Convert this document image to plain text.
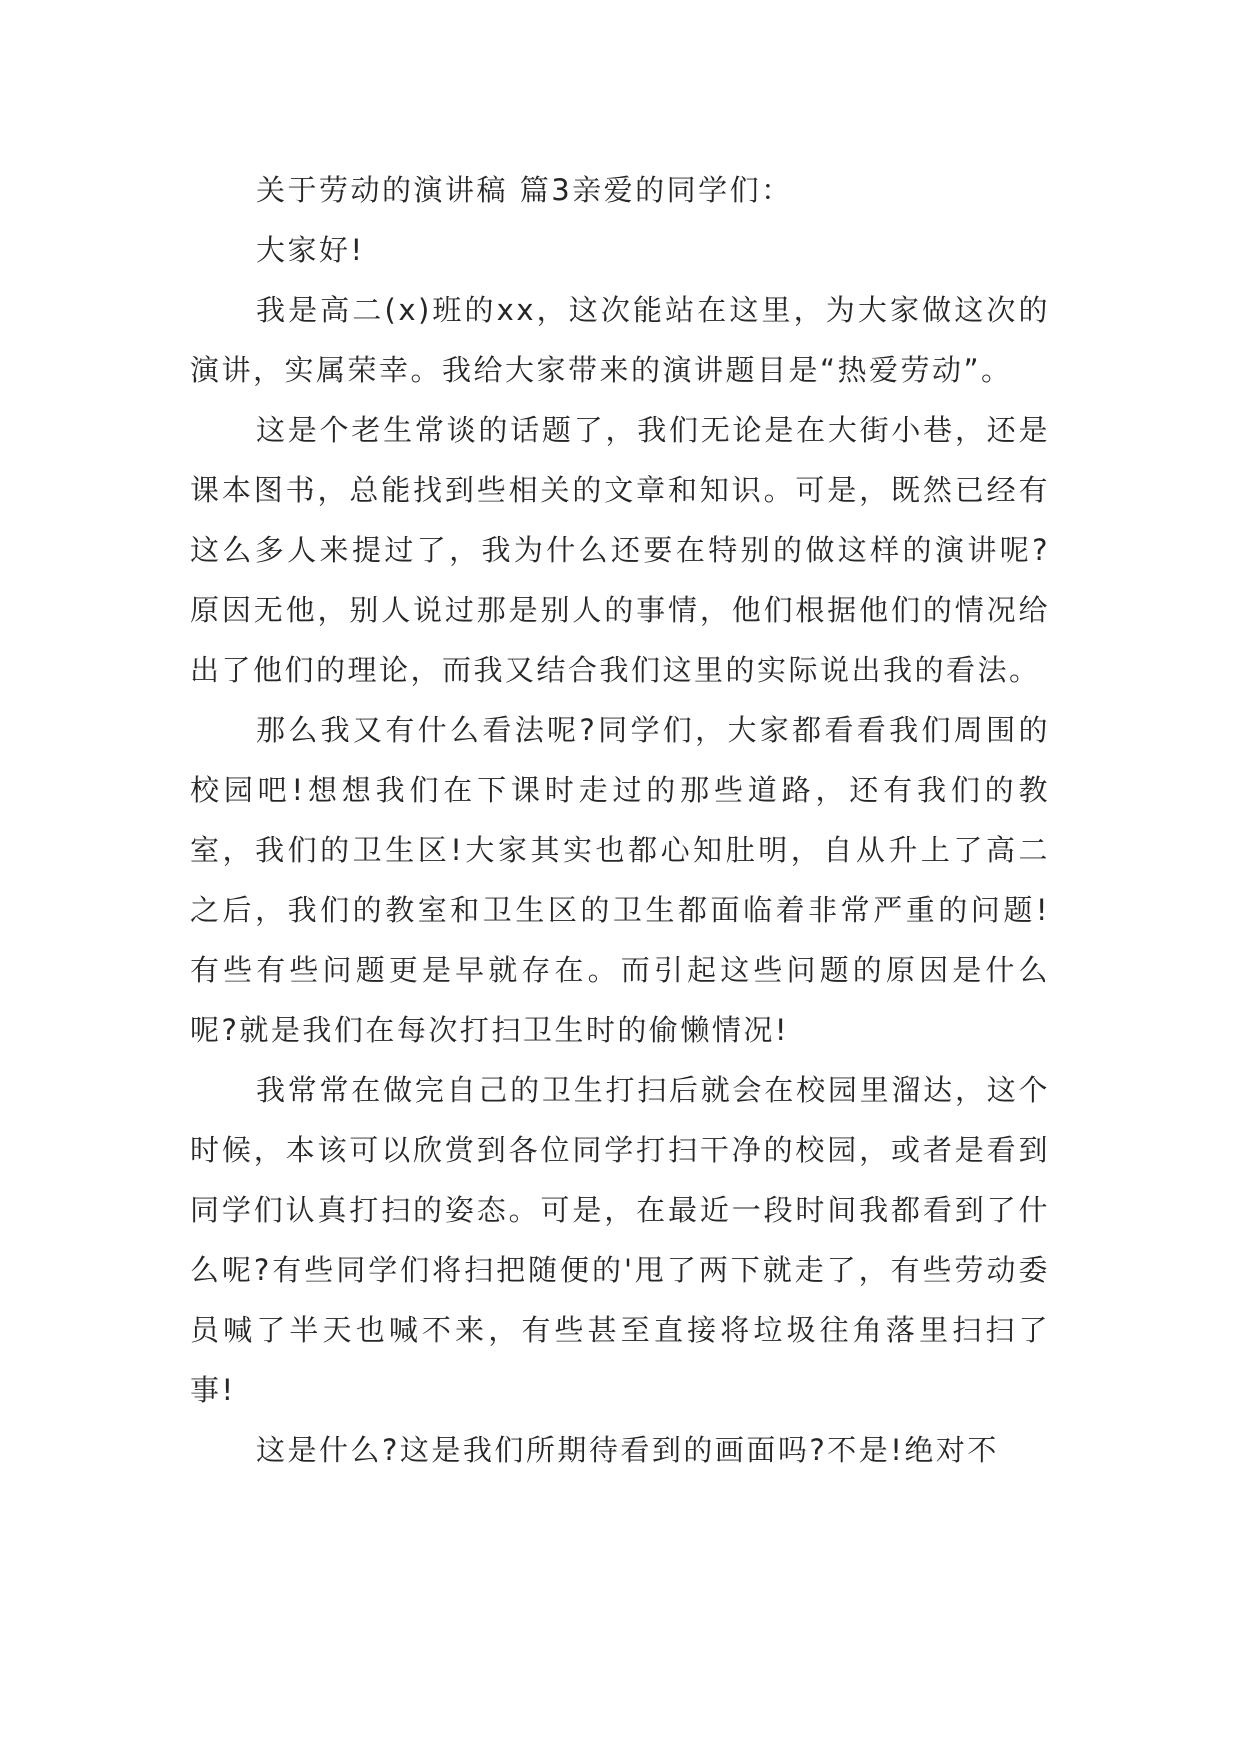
关于劳动的演讲稿 篇3亲爱的同学们：

大家好!

我是高二(x)班的xx，这次能站在这里，为大家做这次的演讲，实属荣幸。我给大家带来的演讲题目是“热爱劳动”。

这是个老生常谈的话题了，我们无论是在大街小巷，还是课本图书，总能找到些相关的文章和知识。可是，既然已经有这么多人来提过了，我为什么还要在特别的做这样的演讲呢?原因无他，别人说过那是别人的事情，他们根据他们的情况给出了他们的理论，而我又结合我们这里的实际说出我的看法。

那么我又有什么看法呢?同学们，大家都看看我们周围的校园吧!想想我们在下课时走过的那些道路，还有我们的教室，我们的卫生区!大家其实也都心知肚明，自从升上了高二之后，我们的教室和卫生区的卫生都面临着非常严重的问题!有些有些问题更是早就存在。而引起这些问题的原因是什么呢?就是我们在每次打扫卫生时的偷懒情况!

我常常在做完自己的卫生打扫后就会在校园里溜达，这个时候，本该可以欣赏到各位同学打扫干净的校园，或者是看到同学们认真打扫的姿态。可是，在最近一段时间我都看到了什么呢?有些同学们将扫把随便的'甩了两下就走了，有些劳动委员喊了半天也喊不来，有些甚至直接将垃圾往角落里扫扫了事!

这是什么?这是我们所期待看到的画面吗?不是!绝对不
